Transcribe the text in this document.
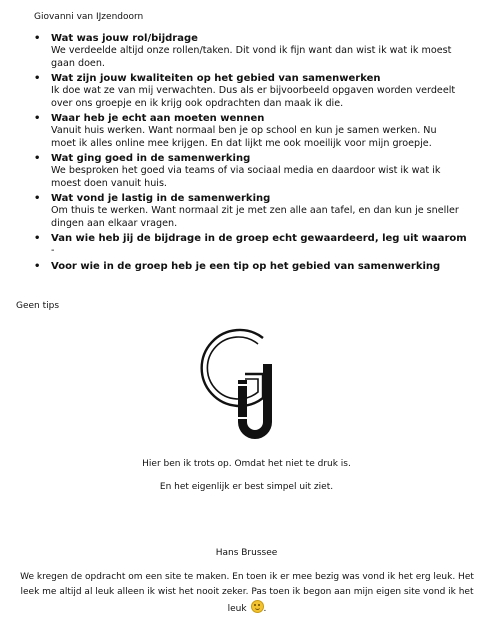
Giovanni van IJzendoorn
• Wat was jouw rol/bijdrage
We verdeelde altijd onze rollen/taken. Dit vond ik fijn want dan wist ik wat ik moest
gaan doen.
• Wat zijn jouw kwaliteiten op het gebied van samenwerken
Ik doe wat ze van mij verwachten. Dus als er bijvoorbeeld opgaven worden verdeelt
over ons groepje en ik krijg ook opdrachten dan maak ik die.
• Waar heb je echt aan moeten wennen
Vanuit huis werken. Want normaal ben je op school en kun je samen werken. Nu
moet ik alles online mee krijgen. En dat lijkt me ook moeilijk voor mijn groepje.
• Wat ging goed in de samenwerking
We besproken het goed via teams of via sociaal media en daardoor wist ik wat ik
moest doen vanuit huis.
• Wat vond je lastig in de samenwerking
Om thuis te werken. Want normaal zit je met zen alle aan tafel, en dan kun je sneller
dingen aan elkaar vragen.
• Van wie heb jij de bijdrage in de groep echt gewaardeerd, leg uit waarom
-
• Voor wie in de groep heb je een tip op het gebied van samenwerking
Geen tips
Hier ben ik trots op. Omdat het niet te druk is.
En het eigenlijk er best simpel uit ziet.
Hans Brussee
We kregen de opdracht om een site te maken. En toen ik er mee bezig was vond ik het erg leuk. Het leek me altijd al leuk alleen ik wist het nooit zeker. Pas toen ik begon aan mijn eigen site vond ik het leuk .
